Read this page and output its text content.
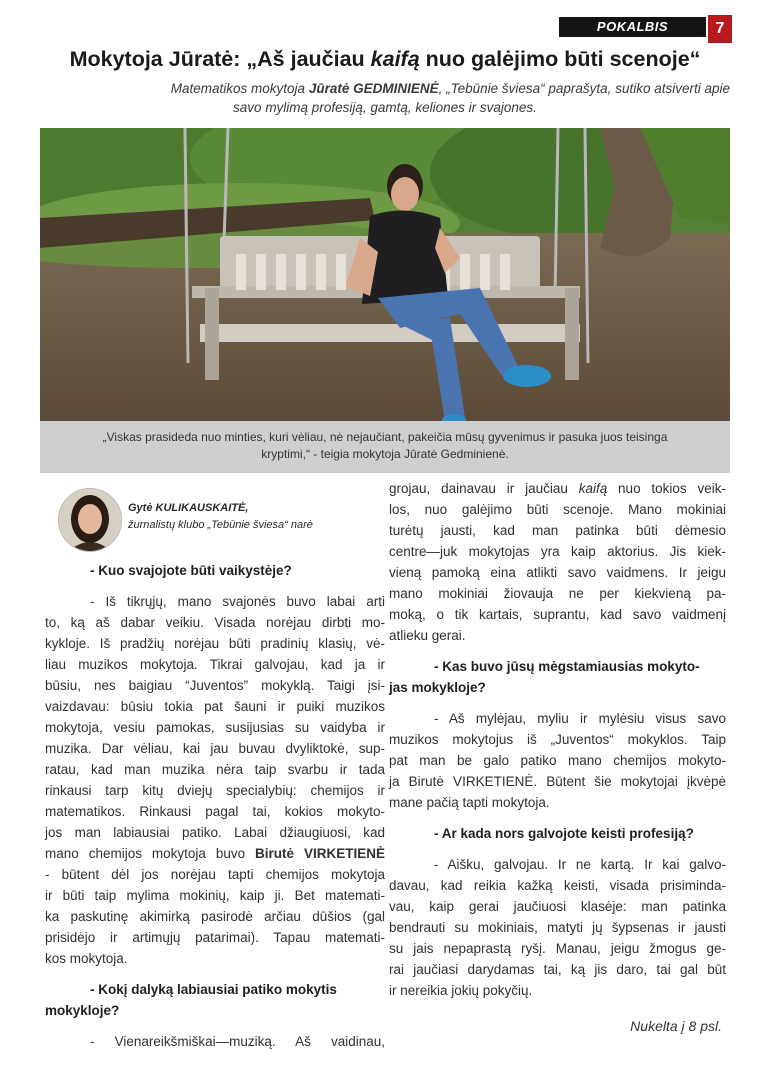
POKALBIS	7
Mokytoja Jūratė: „Aš jaučiau kaifą nuo galėjimo būti scenoje“
Matematikos mokytoja Jūratė GEDMINIENĖ, „Tebūnie šviesa“ paprašyta, sutiko atsiverti apie
savo mylimą profesiją, gamtą, keliones ir svajones.
„Viskas prasideda nuo minties, kuri vėliau, nė nejaučiant, pakeičia mūsų gyvenimus ir pasuka juos teisinga
kryptimi,“ - teigia mokytoja Jūratė Gedminienė.
Gytė KULIKAUSKAITĖ,
žurnalistų klubo „Tebūnie šviesa“ narė

- Kuo svajojote būti vaikystėje?

- Iš tikrųjų, mano svajonės buvo labai arti

to, ką aš dabar veikiu. Visada norėjau dirbti mo-

kykloje. Iš pradžių norėjau būti pradinių klasių, vė-

liau muzikos mokytoja. Tikrai galvojau, kad ja ir

būsiu, nes baigiau “Juventos” mokyklą. Taigi įsi-

vaizdavau: būsiu tokia pat šauni ir puiki muzikos

mokytoja, vesiu pamokas, susijusias su vaidyba ir

muzika. Dar vėliau, kai jau buvau dvyliktokė, sup-

ratau, kad man muzika nėra taip svarbu ir tada

rinkausi tarp kitų dviejų specialybių: chemijos ir

matematikos. Rinkausi pagal tai, kokios mokyto-

jos man labiausiai patiko. Labai džiaugiuosi, kad

mano chemijos mokytoja buvo Birutė VIRKETIENĖ

- būtent dėl jos norėjau tapti chemijos mokytoja

ir būti taip mylima mokinių, kaip ji. Bet matemati-

ka paskutinę akimirką pasirodė arčiau dūšios (gal

prisidėjo ir artimųjų patarimai). Tapau matemati-

kos mokytoja.

- Kokį dalyką labiausiai patiko mokytis
mokykloje?

- Vienareikšmiškai—muziką. Aš vaidinau,

grojau, dainavau ir jaučiau kaifą nuo tokios veik-

los, nuo galėjimo būti scenoje. Mano mokiniai

turėtų jausti, kad man patinka būti dėmesio

centre—juk mokytojas yra kaip aktorius. Jis kiek-

vieną pamoką eina atlikti savo vaidmens. Ir jeigu

mano mokiniai žiovauja ne per kiekvieną pa-

moką, o tik kartais, suprantu, kad savo vaidmenį

atlieku gerai.

- Kas buvo jūsų mėgstamiausias mokyto-
jas mokykloje?

- Aš mylėjau, myliu ir mylėsiu visus savo

muzikos mokytojus iš „Juventos“ mokyklos. Taip

pat man be galo patiko mano chemijos mokyto-

ja Birutė VIRKETIENĖ. Būtent šie mokytojai įkvėpė

mane pačią tapti mokytoja.

- Ar kada nors galvojote keisti profesiją?

- Aišku, galvojau. Ir ne kartą. Ir kai galvo-

davau, kad reikia kažką keisti, visada prisiminda-

vau, kaip gerai jaučiuosi klasėje: man patinka

bendrauti su mokiniais, matyti jų šypsenas ir jausti

su jais nepaprastą ryšį. Manau, jeigu žmogus ge-

rai jaučiasi darydamas tai, ką jis daro, tai gal būt

ir nereikia jokių pokyčių.

Nukelta į 8 psl.
